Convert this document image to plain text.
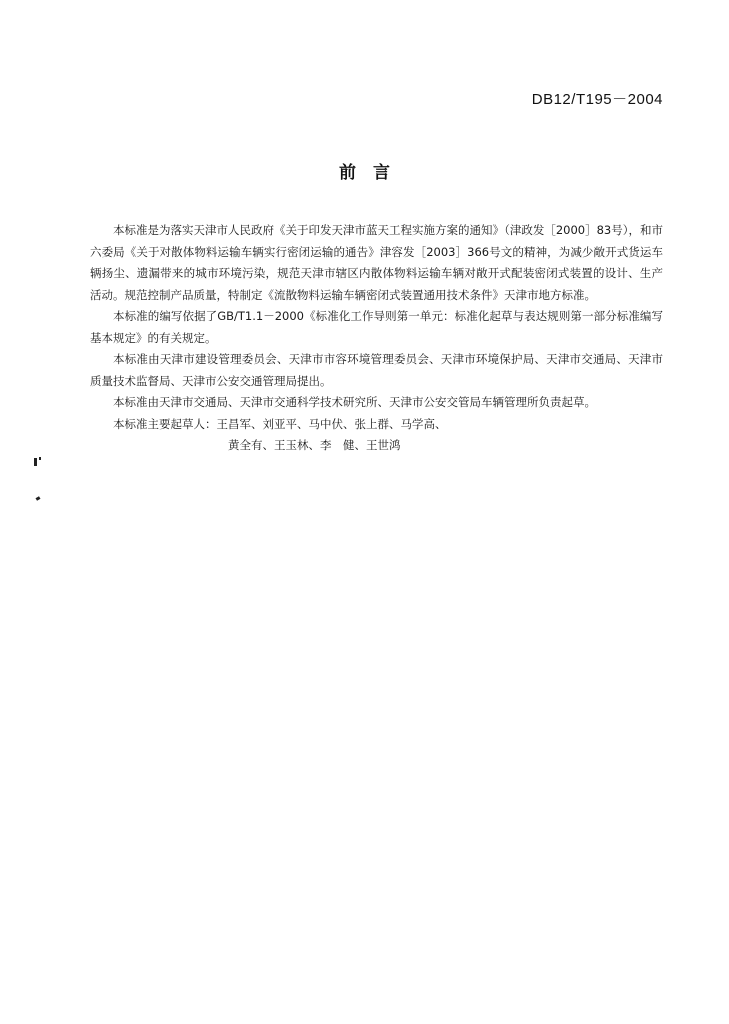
DB12/T195－2004
前　言

本标准是为落实天津市人民政府《关于印发天津市蓝天工程实施方案的通知》（津政发［2000］83号），和市六委局《关于对散体物料运输车辆实行密闭运输的通告》津容发［2003］366号文的精神，为减少敞开式货运车辆扬尘、遗漏带来的城市环境污染，规范天津市辖区内散体物料运输车辆对敞开式配装密闭式装置的设计、生产活动。规范控制产品质量，特制定《流散物料运输车辆密闭式装置通用技术条件》天津市地方标准。

本标准的编写依据了GB/T1.1－2000《标准化工作导则第一单元：标准化起草与表达规则第一部分标准编写基本规定》的有关规定。

本标准由天津市建设管理委员会、天津市市容环境管理委员会、天津市环境保护局、天津市交通局、天津市质量技术监督局、天津市公安交通管理局提出。

本标准由天津市交通局、天津市交通科学技术研究所、天津市公安交管局车辆管理所负责起草。

本标准主要起草人：王昌军、刘亚平、马中伏、张上群、马学高、

黄全有、王玉林、李　健、王世鸿
